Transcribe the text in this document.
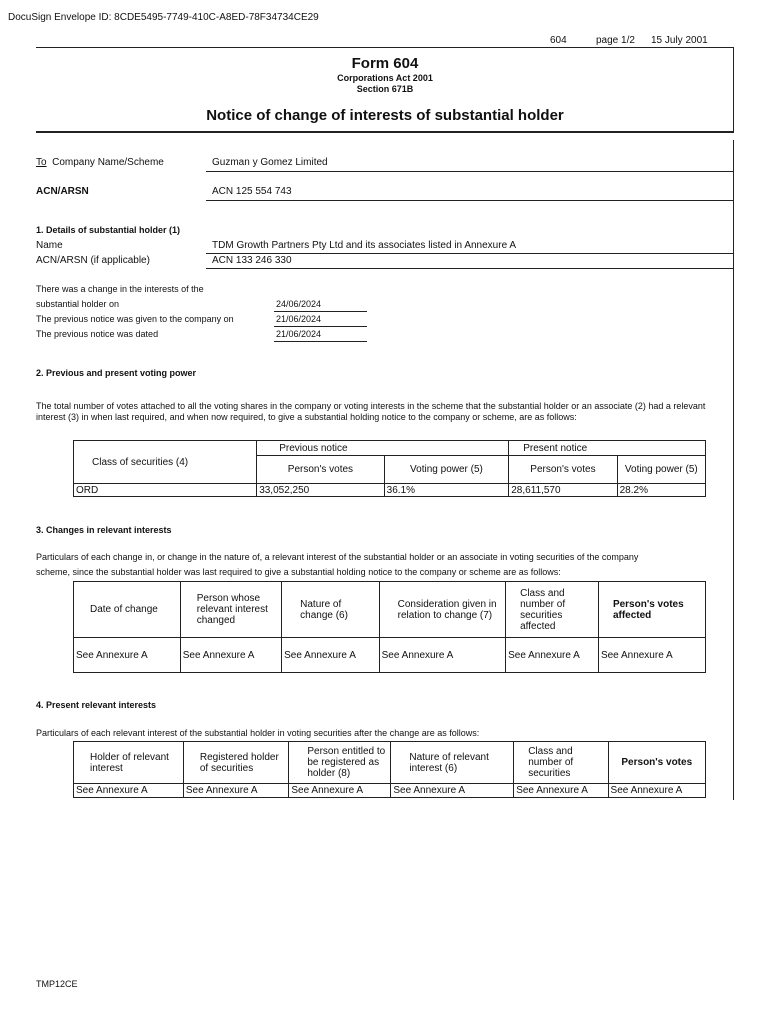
DocuSign Envelope ID: 8CDE5495-7749-410C-A8ED-78F34734CE29
604	page 1/2 15 July 2001
Form 604
Corporations Act 2001
Section 671B
Notice of change of interests of substantial holder
To Company Name/Scheme	Guzman y Gomez Limited
ACN/ARSN	ACN 125 554 743
1. Details of substantial holder (1)
Name	TDM Growth Partners Pty Ltd and its associates listed in Annexure A
ACN/ARSN (if applicable)	ACN 133 246 330
There was a change in the interests of the
substantial holder on	24/06/2024
The previous notice was given to the company on	21/06/2024
The previous notice was dated	21/06/2024
2. Previous and present voting power
The total number of votes attached to all the voting shares in the company or voting interests in the scheme that the substantial holder or an associate (2) had a relevant interest (3) in when last required, and when now required, to give a substantial holding notice to the company or scheme, are as follows:
Class of securities (4)	Previous notice		Present notice	
	Person's votes	Voting power (5)	Person's votes	Voting power (5)
ORD	33,052,250	36.1%	28,611,570	28.2%
3. Changes in relevant interests
Particulars of each change in, or change in the nature of, a relevant interest of the substantial holder or an associate in voting securities of the company
scheme, since the substantial holder was last required to give a substantial holding notice to the company or scheme are as follows:
Date of change	Person whose relevant interest changed	Nature of change (6)	Consideration given in relation to change (7)	Class and number of securities affected	Person's votes affected
See Annexure A	See Annexure A	See Annexure A	See Annexure A	See Annexure A	See Annexure A
4. Present relevant interests
Particulars of each relevant interest of the substantial holder in voting securities after the change are as follows:
Holder of relevant interest	Registered holder of securities	Person entitled to be registered as holder (8)	Nature of relevant interest (6)	Class and number of securities	Person's votes
See Annexure A	See Annexure A	See Annexure A	See Annexure A	See Annexure A	See Annexure A
TMP12CE
